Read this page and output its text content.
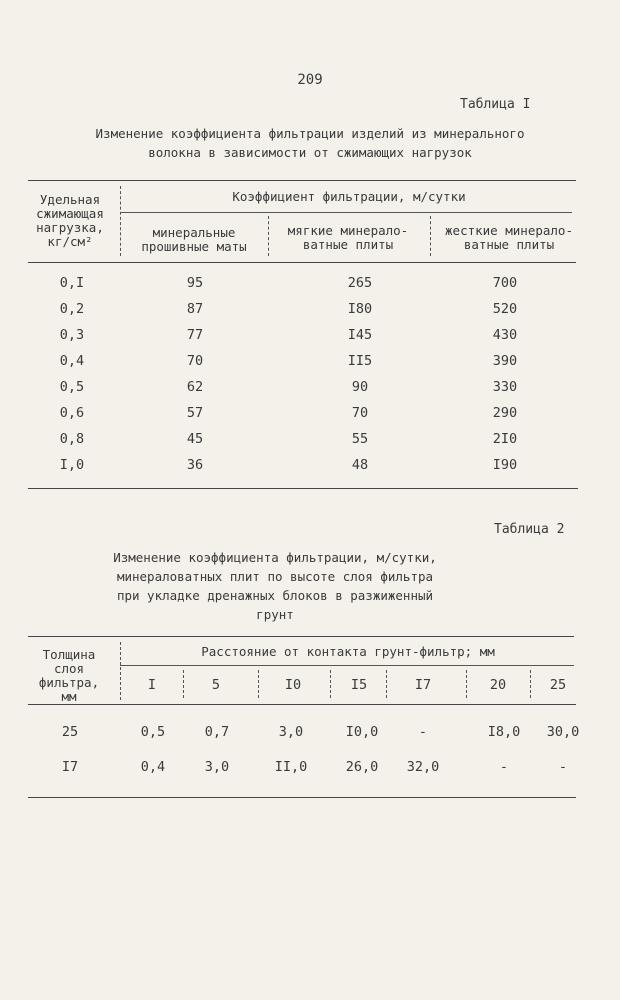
209
Таблица I
Изменение коэффициента фильтрации изделий из минерального
волокна в зависимости от сжимающих нагрузок
Удельная
сжимающая
нагрузка,
кг/см²
Коэффициент фильтрации, м/сутки
минеральные
прошивные маты
мягкие минерало-
ватные плиты
жесткие минерало-
ватные плиты
0,I	95	265	700
0,2	87	I80	520
0,3	77	I45	430
0,4	70	II5	390
0,5	62	90	330
0,6	57	70	290
0,8	45	55	2I0
I,0	36	48	I90
Таблица 2
Изменение коэффициента фильтрации, м/сутки,
минераловатных плит по высоте слоя фильтра
при укладке дренажных блоков в разжиженный
грунт
Толщина
слоя
фильтра,
мм
Расстояние от контакта грунт-фильтр; мм
I	5	I0	I5	I7	20	25
25	0,5	0,7	3,0	I0,0	-	I8,0	30,0
I7	0,4	3,0	II,0	26,0	32,0	-	-
